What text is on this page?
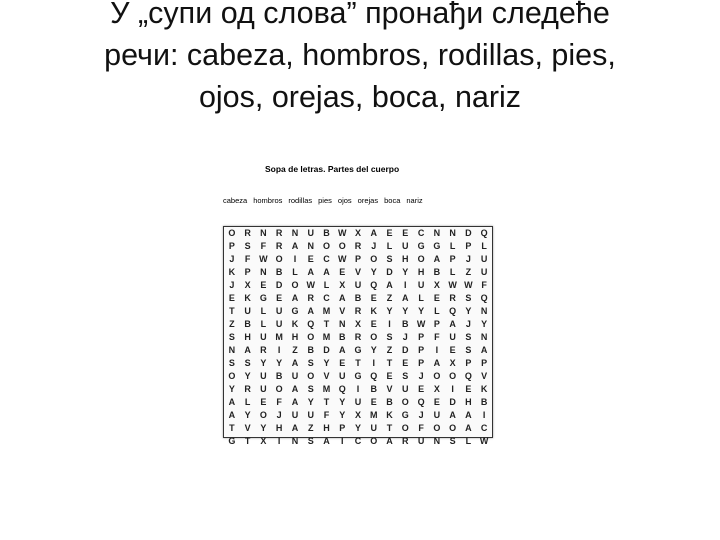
У „супи од слова” пронађи следеће
речи: cabeza, hombros, rodillas, pies,
ojos, orejas, boca, nariz
Sopa de letras. Partes del cuerpo
cabeza hombros rodillas pies ojos orejas boca nariz
O	R	N	R	N	U	B W X	A	E	E	C	N	N	D	Q
P	S	F	R	A	N	O O	R	J	L	U	G G	L	P	L
J	F W O	I	E	C W P	O	S	H	O	A	P	J	U
K	P	N	B	L	A	A	E	V	Y	D	Y	H	B	L	Z	U
J	X	E	D	O W L	X	U	Q	A	I	U	X W W F
E	K	G	E	A	R	C	A	B	E	Z	A	L	E	R	S	Q
T	U	L	U	G	A M	V	R	K	Y	Y	Y	L	Q	Y	N
Z	B	L	U	K	Q	T	N	X	E	I	B W P	A	J	Y
S	H	U M H	O M B	R	O	S	J	P	F	U	S	N
N	A	R	I	Z	B	D	A	G	Y	Z	D	P	I	E	S	A
S	S	Y	Y	A	S	Y	E	T	I	T	E	P	A	X	P	P
O	Y	U	B	U	O	V	U	G Q	E	S	J	O O Q	V
Y	R	U	O	A	S	M Q	I	B	V	U	E	X	I	E	K
A	L	E	F	A	Y	T	Y	U	E	B	O Q	E	D	H	B
A	Y	O	J	U	U	F	Y	X	M K	G	J	U	A	A	I
T	V	Y	H	A	Z	H	P	Y	U	T	O	F	O O	A	C
G	T	X	I	N	S	A	I	C	O	A	R	U	N	S	L W
